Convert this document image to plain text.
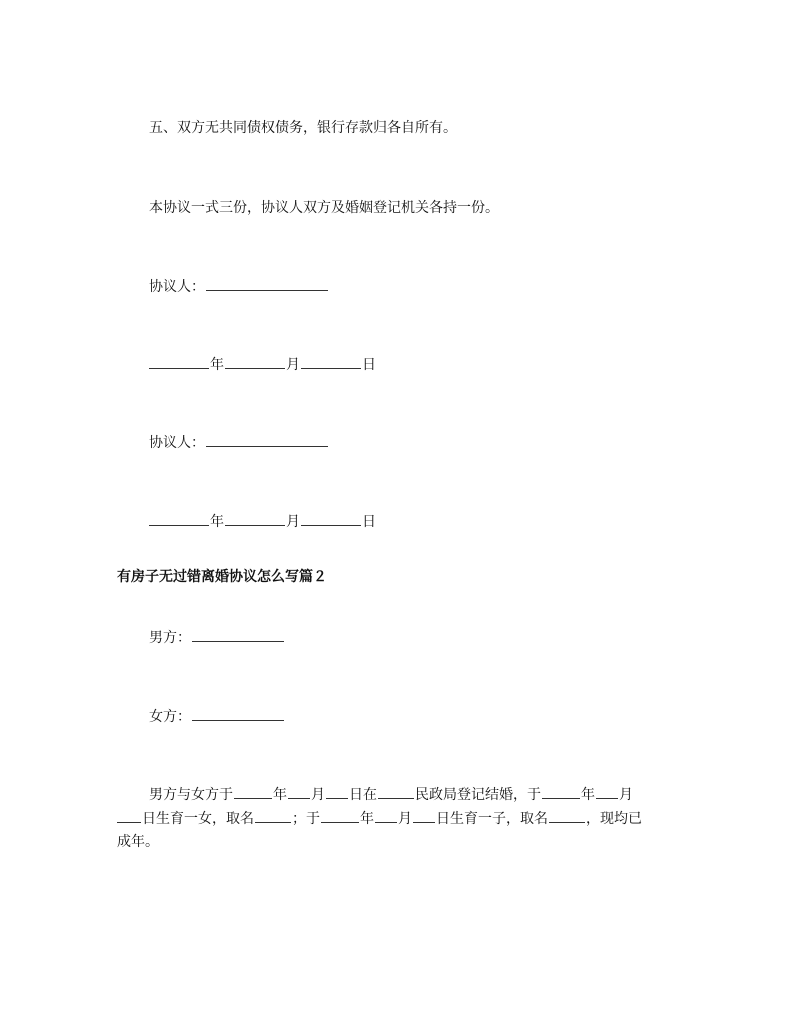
五、双方无共同债权债务，银行存款归各自所有。
本协议一式三份，协议人双方及婚姻登记机关各持一份。
协议人：
年	月	日
协议人：
年	月	日
有房子无过错离婚协议怎么写篇２
男方：
女方：
男方与女方于	年 月 日在	民政局登记结婚，于	年 月
日生育一女，取名	；于	年 月 日生育一子，取名	，现均已
成年。
